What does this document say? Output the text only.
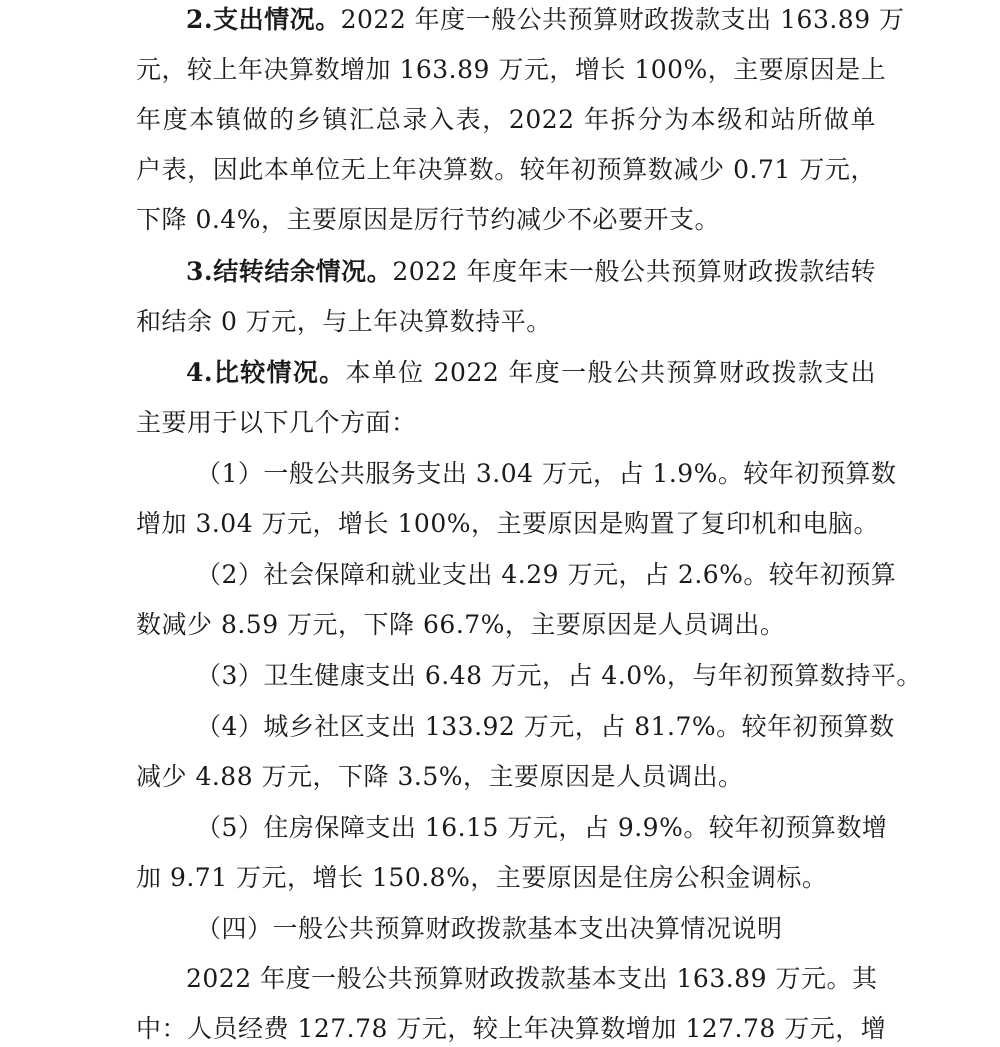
2.支出情况。2022 年度一般公共预算财政拨款支出 163.89 万
元，较上年决算数增加 163.89 万元，增长 100%，主要原因是上
年度本镇做的乡镇汇总录入表，2022 年拆分为本级和站所做单
户表，因此本单位无上年决算数。较年初预算数减少 0.71 万元，
下降 0.4%，主要原因是厉行节约减少不必要开支。
3.结转结余情况。2022 年度年末一般公共预算财政拨款结转
和结余 0 万元，与上年决算数持平。
4.比较情况。本单位 2022 年度一般公共预算财政拨款支出
主要用于以下几个方面：
（1）一般公共服务支出 3.04 万元，占 1.9%。较年初预算数
增加 3.04 万元，增长 100%，主要原因是购置了复印机和电脑。
（2）社会保障和就业支出 4.29 万元，占 2.6%。较年初预算
数减少 8.59 万元，下降 66.7%，主要原因是人员调出。
（3）卫生健康支出 6.48 万元，占 4.0%，与年初预算数持平。
（4）城乡社区支出 133.92 万元，占 81.7%。较年初预算数
减少 4.88 万元，下降 3.5%，主要原因是人员调出。
（5）住房保障支出 16.15 万元，占 9.9%。较年初预算数增
加 9.71 万元，增长 150.8%，主要原因是住房公积金调标。
（四）一般公共预算财政拨款基本支出决算情况说明
2022 年度一般公共预算财政拨款基本支出 163.89 万元。其
中：人员经费 127.78 万元，较上年决算数增加 127.78 万元，增
